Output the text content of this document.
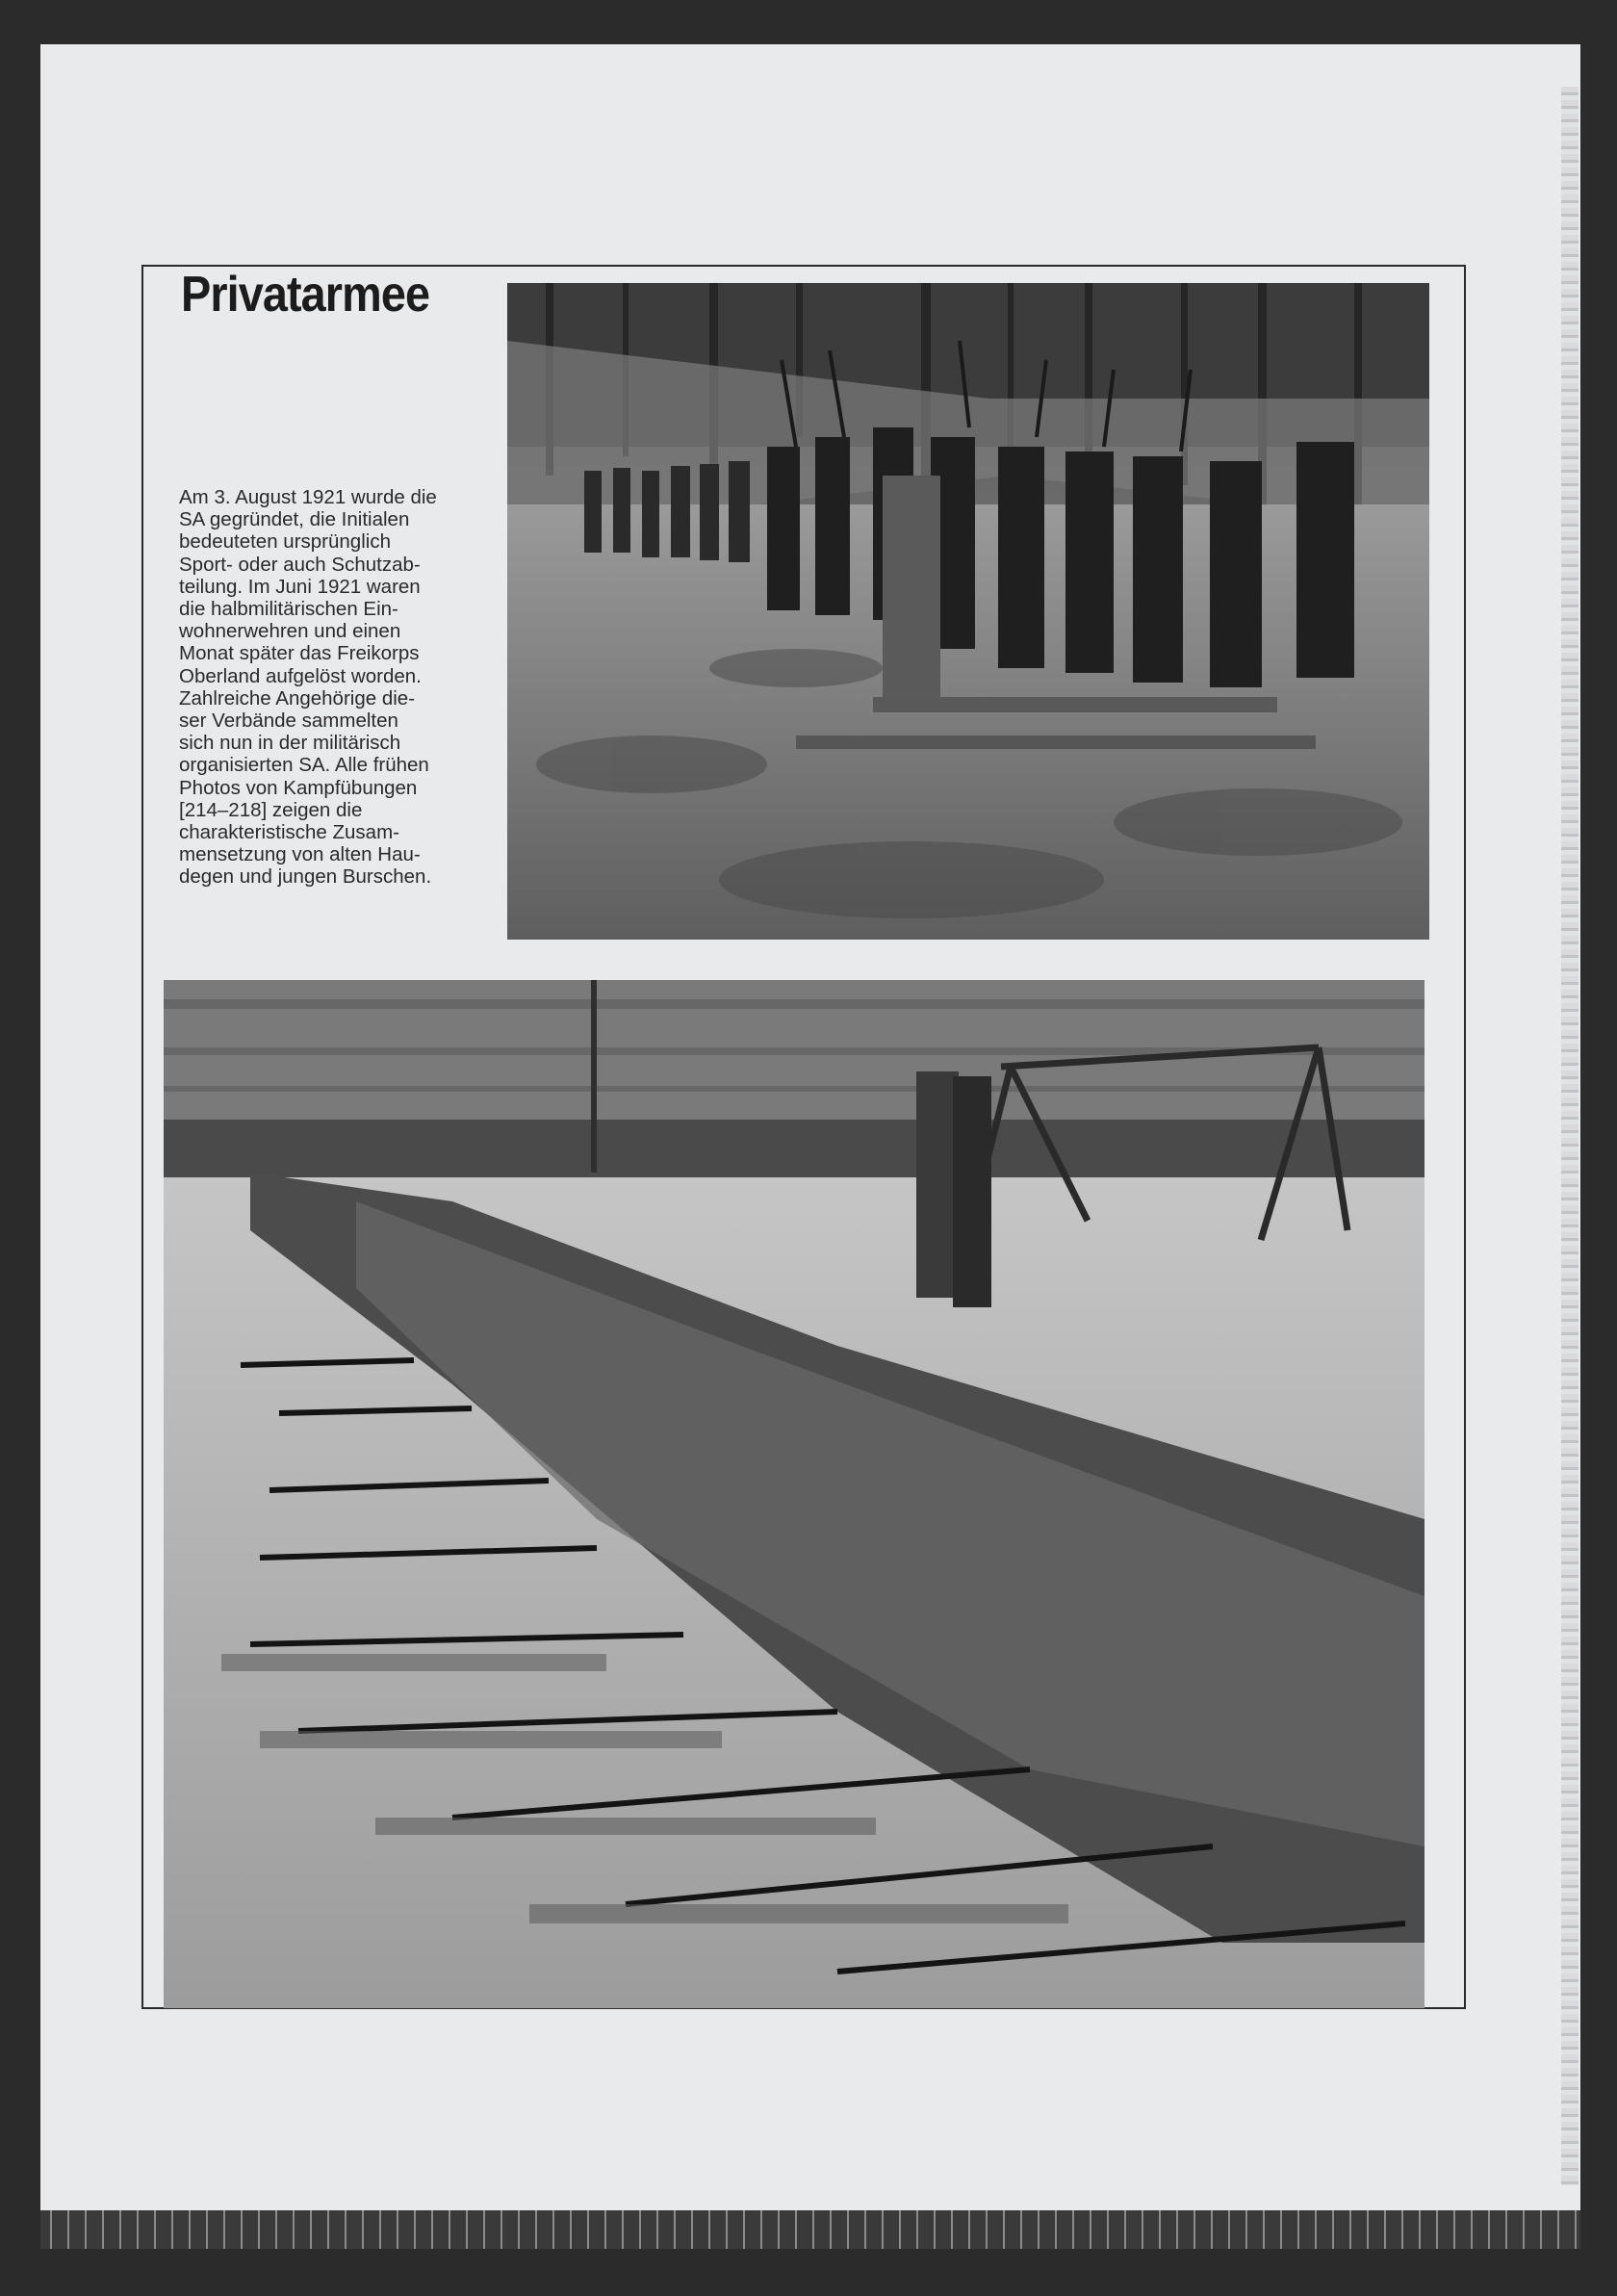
Privatarmee

Am 3. August 1921 wurde die
SA gegründet, die Initialen
bedeuteten ursprünglich
Sport- oder auch Schutzab-
teilung. Im Juni 1921 waren
die halbmilitärischen Ein-
wohnerwehren und einen
Monat später das Freikorps
Oberland aufgelöst worden.
Zahlreiche Angehörige die-
ser Verbände sammelten
sich nun in der militärisch
organisierten SA. Alle frühen
Photos von Kampfübungen
[214–218] zeigen die
charakteristische Zusam-
mensetzung von alten Hau-
degen und jungen Burschen.
